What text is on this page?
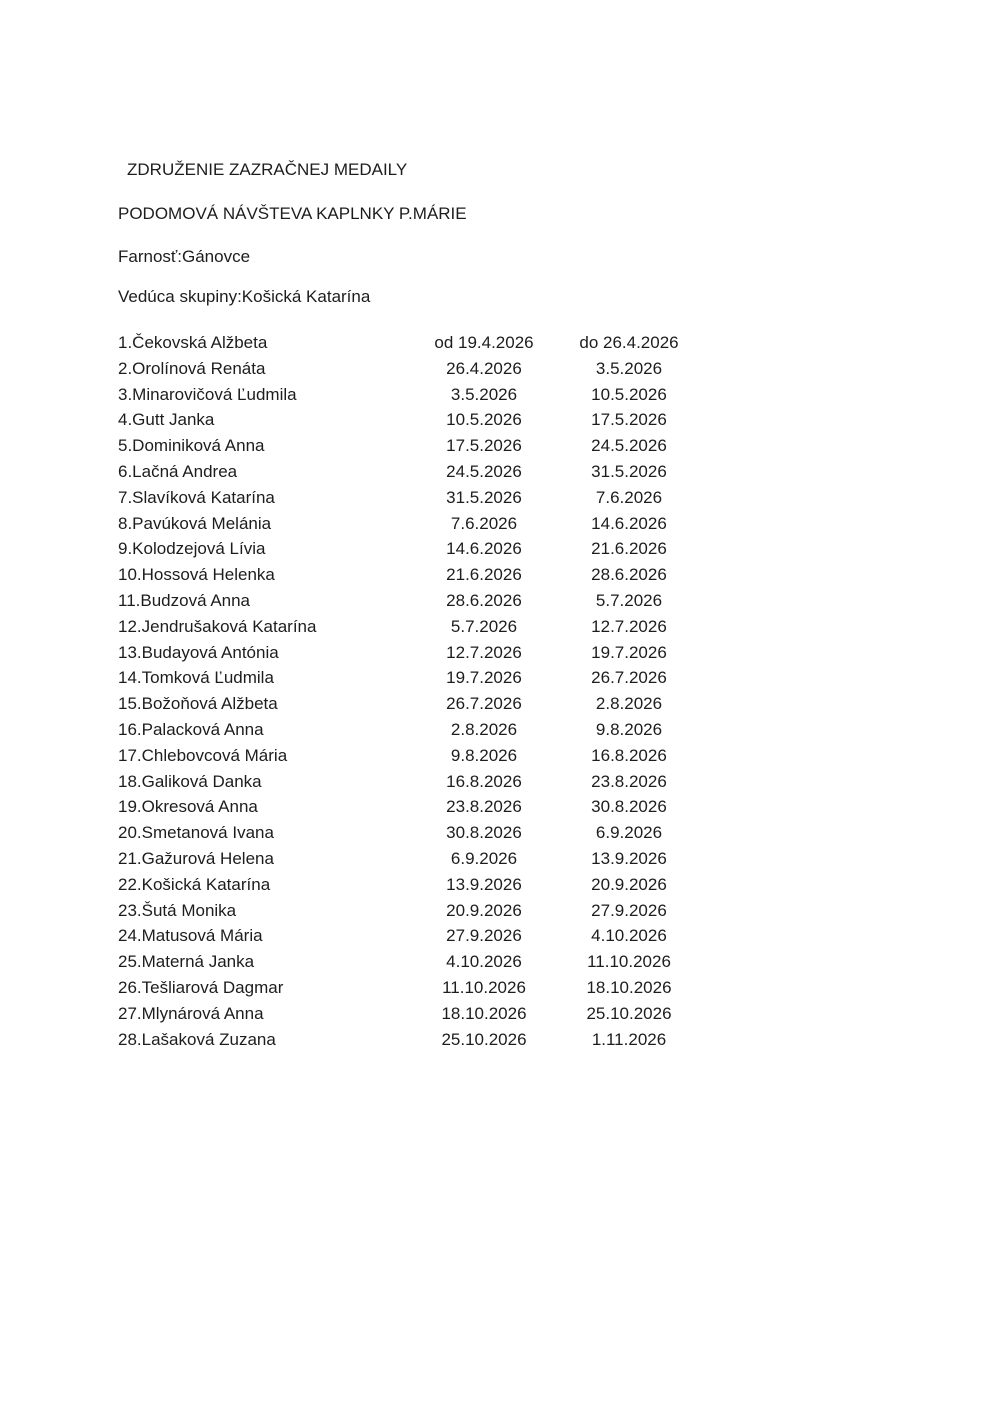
ZDRUŽENIE ZAZRAČNEJ MEDAILY

PODOMOVÁ NÁVŠTEVA KAPLNKY P.MÁRIE

Farnosť:Gánovce

Vedúca skupiny:Košická Katarína

1.Čekovská Alžbeta	od 19.4.2026	do 26.4.2026
2.Orolínová Renáta	26.4.2026	3.5.2026
3.Minarovičová Ľudmila	3.5.2026	10.5.2026
4.Gutt Janka	10.5.2026	17.5.2026
5.Dominiková Anna	17.5.2026	24.5.2026
6.Lačná Andrea	24.5.2026	31.5.2026
7.Slavíková Katarína	31.5.2026	7.6.2026
8.Pavúková Melánia	7.6.2026	14.6.2026
9.Kolodzejová Lívia	14.6.2026	21.6.2026
10.Hossová Helenka	21.6.2026	28.6.2026
11.Budzová Anna	28.6.2026	5.7.2026
12.Jendrušaková Katarína	5.7.2026	12.7.2026
13.Budayová Antónia	12.7.2026	19.7.2026
14.Tomková Ľudmila	19.7.2026	26.7.2026
15.Božoňová Alžbeta	26.7.2026	2.8.2026
16.Palacková Anna	2.8.2026	9.8.2026
17.Chlebovcová Mária	9.8.2026	16.8.2026
18.Galiková Danka	16.8.2026	23.8.2026
19.Okresová Anna	23.8.2026	30.8.2026
20.Smetanová Ivana	30.8.2026	6.9.2026
21.Gažurová Helena	6.9.2026	13.9.2026
22.Košická Katarína	13.9.2026	20.9.2026
23.Šutá Monika	20.9.2026	27.9.2026
24.Matusová Mária	27.9.2026	4.10.2026
25.Materná Janka	4.10.2026	11.10.2026
26.Tešliarová Dagmar	11.10.2026	18.10.2026
27.Mlynárová Anna	18.10.2026	25.10.2026
28.Lašaková Zuzana	25.10.2026	1.11.2026
